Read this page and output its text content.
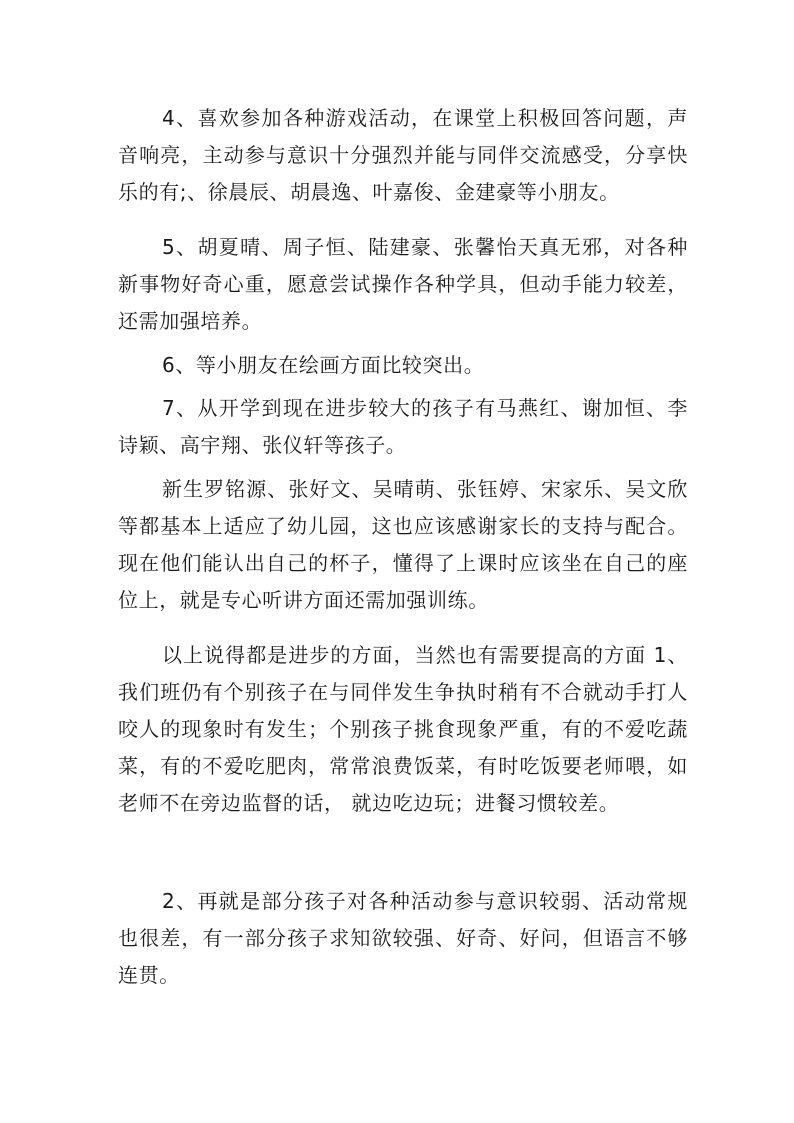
4、喜欢参加各种游戏活动，在课堂上积极回答问题，声音响亮，主动参与意识十分强烈并能与同伴交流感受，分享快乐的有;、徐晨辰、胡晨逸、叶嘉俊、金建豪等小朋友。

5、胡夏晴、周子恒、陆建豪、张馨怡天真无邪，对各种新事物好奇心重，愿意尝试操作各种学具，但动手能力较差，还需加强培养。

6、等小朋友在绘画方面比较突出。

7、从开学到现在进步较大的孩子有马燕红、谢加恒、李诗颖、高宇翔、张仪轩等孩子。

新生罗铭源、张好文、吴晴萌、张钰婷、宋家乐、吴文欣等都基本上适应了幼儿园，这也应该感谢家长的支持与配合。现在他们能认出自己的杯子，懂得了上课时应该坐在自己的座位上，就是专心听讲方面还需加强训练。

以上说得都是进步的方面，当然也有需要提高的方面 1、我们班仍有个别孩子在与同伴发生争执时稍有不合就动手打人咬人的现象时有发生；个别孩子挑食现象严重，有的不爱吃蔬菜，有的不爱吃肥肉，常常浪费饭菜，有时吃饭要老师喂，如老师不在旁边监督的话， 就边吃边玩；进餐习惯较差。

2、再就是部分孩子对各种活动参与意识较弱、活动常规也很差，有一部分孩子求知欲较强、好奇、好问，但语言不够连贯。
